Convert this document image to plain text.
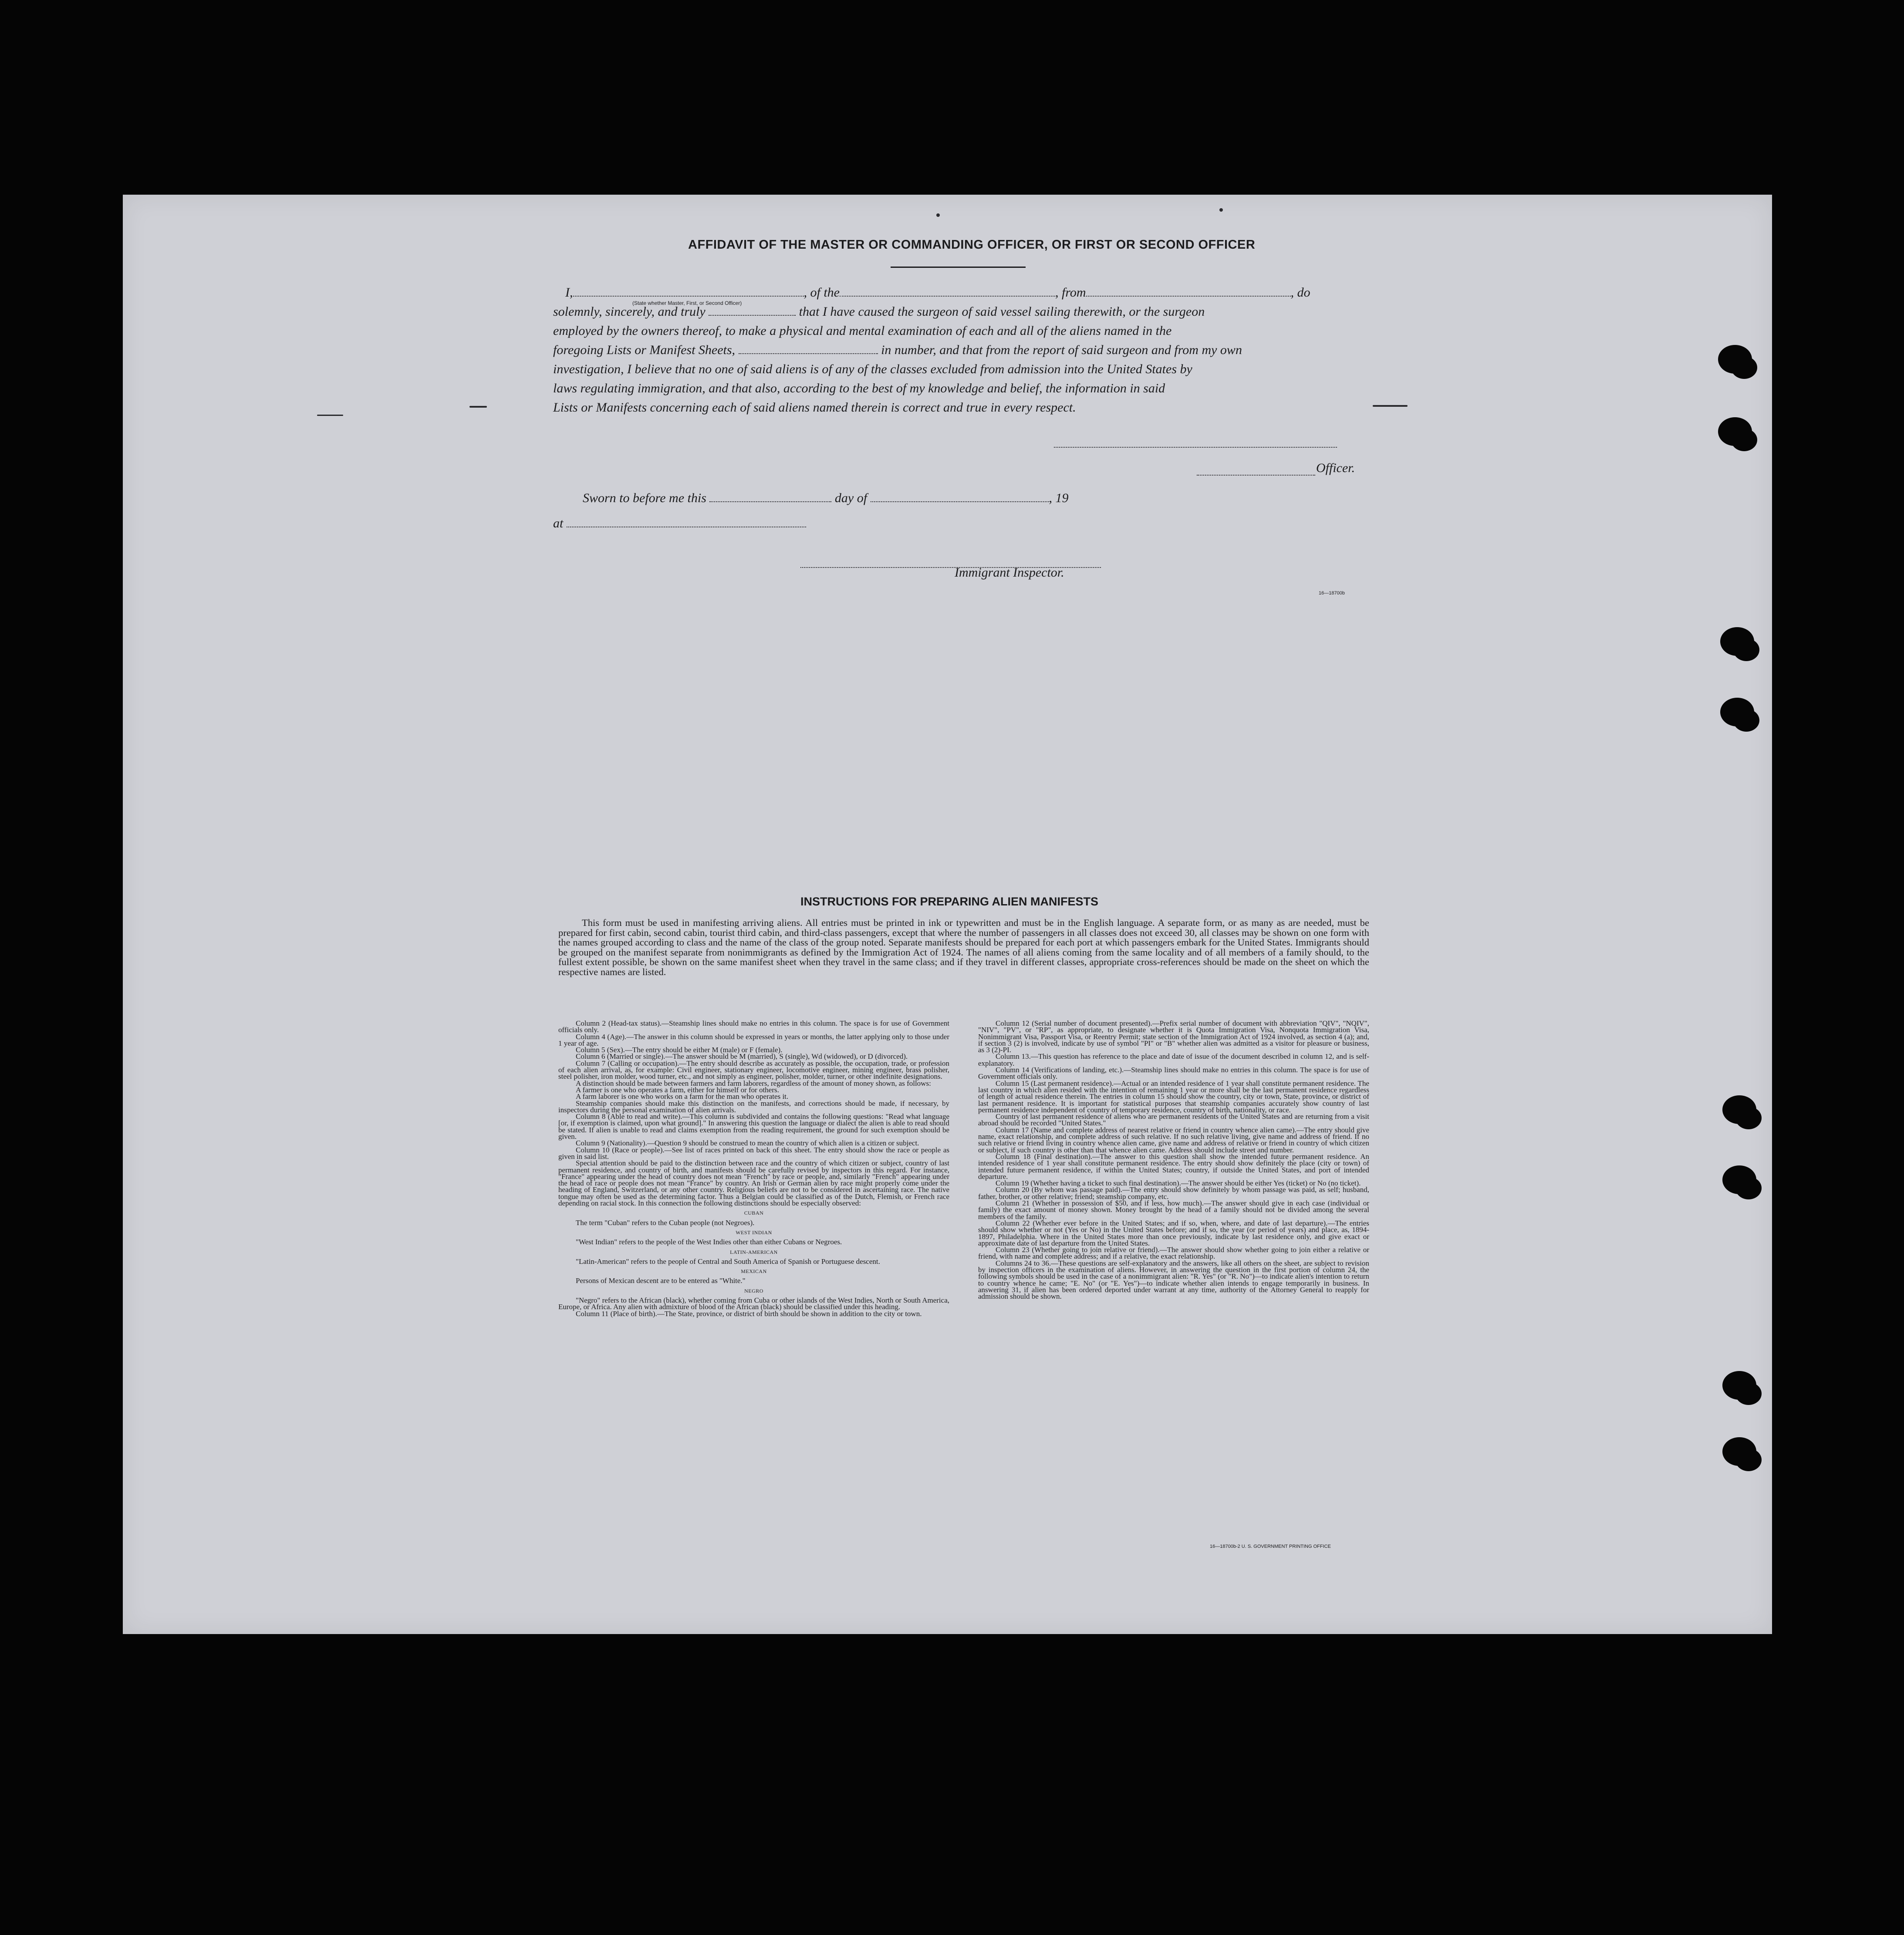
AFFIDAVIT OF THE MASTER OR COMMANDING OFFICER, OR FIRST OR SECOND OFFICER
I,	, of the	, from	, do
(State whether Master, First, or Second Officer)
solemnly, sincerely, and truly	that I have caused the surgeon of said vessel sailing therewith, or the surgeon
employed by the owners thereof, to make a physical and mental examination of each and all of the aliens named in the
foregoing Lists or Manifest Sheets,	in number, and that from the report of said surgeon and from my own
investigation, I believe that no one of said aliens is of any of the classes excluded from admission into the United States by
laws regulating immigration, and that also, according to the best of my knowledge and belief, the information in said
Lists or Manifests concerning each of said aliens named therein is correct and true in every respect.
Officer.
Sworn to before me this	day of	, 19
at
Immigrant Inspector.
16—18700b
INSTRUCTIONS FOR PREPARING ALIEN MANIFESTS

This form must be used in manifesting arriving aliens. All entries must be printed in ink or typewritten and must be in the English language. A separate form, or as many as are needed, must be prepared for first cabin, second cabin, tourist third cabin, and third-class passengers, except that where the number of passengers in all classes does not exceed 30, all classes may be shown on one form with the names grouped according to class and the name of the class of the group noted. Separate manifests should be prepared for each port at which passengers embark for the United States. Immigrants should be grouped on the manifest separate from nonimmigrants as defined by the Immigration Act of 1924. The names of all aliens coming from the same locality and of all members of a family should, to the fullest extent possible, be shown on the same manifest sheet when they travel in the same class; and if they travel in different classes, appropriate cross-references should be made on the sheet on which the respective names are listed.

Column 2 (Head-tax status).—Steamship lines should make no entries in this column. The space is for use of Government officials only.

Column 4 (Age).—The answer in this column should be expressed in years or months, the latter applying only to those under 1 year of age.

Column 5 (Sex).—The entry should be either M (male) or F (female).

Column 6 (Married or single).—The answer should be M (married), S (single), Wd (widowed), or D (divorced).

Column 7 (Calling or occupation).—The entry should describe as accurately as possible, the occupation, trade, or profession of each alien arrival, as, for example: Civil engineer, stationary engineer, locomotive engineer, mining engineer, brass polisher, steel polisher, iron molder, wood turner, etc., and not simply as engineer, polisher, molder, turner, or other indefinite designations.

A distinction should be made between farmers and farm laborers, regardless of the amount of money shown, as follows:

A farmer is one who operates a farm, either for himself or for others.

A farm laborer is one who works on a farm for the man who operates it.

Steamship companies should make this distinction on the manifests, and corrections should be made, if necessary, by inspectors during the personal examination of alien arrivals.

Column 8 (Able to read and write).—This column is subdivided and contains the following questions: "Read what language [or, if exemption is claimed, upon what ground]." In answering this question the language or dialect the alien is able to read should be stated. If alien is unable to read and claims exemption from the reading requirement, the ground for such exemption should be given.

Column 9 (Nationality).—Question 9 should be construed to mean the country of which alien is a citizen or subject.

Column 10 (Race or people).—See list of races printed on back of this sheet. The entry should show the race or people as given in said list.

Special attention should be paid to the distinction between race and the country of which citizen or subject, country of last permanent residence, and country of birth, and manifests should be carefully revised by inspectors in this regard. For instance, "France" appearing under the head of country does not mean "French" by race or people, and, similarly "French" appearing under the head of race or people does not mean "France" by country. An Irish or German alien by race might properly come under the heading of England, Switzerland, or any other country. Religious beliefs are not to be considered in ascertaining race. The native tongue may often be used as the determining factor. Thus a Belgian could be classified as of the Dutch, Flemish, or French race depending on racial stock. In this connection the following distinctions should be especially observed:

CUBAN

The term "Cuban" refers to the Cuban people (not Negroes).

WEST INDIAN

"West Indian" refers to the people of the West Indies other than either Cubans or Negroes.

LATIN-AMERICAN

"Latin-American" refers to the people of Central and South America of Spanish or Portuguese descent.

MEXICAN

Persons of Mexican descent are to be entered as "White."

NEGRO

"Negro" refers to the African (black), whether coming from Cuba or other islands of the West Indies, North or South America, Europe, or Africa. Any alien with admixture of blood of the African (black) should be classified under this heading.

Column 11 (Place of birth).—The State, province, or district of birth should be shown in addition to the city or town.

Column 12 (Serial number of document presented).—Prefix serial number of document with abbreviation "QIV", "NQIV", "NIV", "PV", or "RP", as appropriate, to designate whether it is Quota Immigration Visa, Nonquota Immigration Visa, Nonimmigrant Visa, Passport Visa, or Reentry Permit; state section of the Immigration Act of 1924 involved, as section 4 (a); and, if section 3 (2) is involved, indicate by use of symbol "PI" or "B" whether alien was admitted as a visitor for pleasure or business, as 3 (2)-PI.

Column 13.—This question has reference to the place and date of issue of the document described in column 12, and is self-explanatory.

Column 14 (Verifications of landing, etc.).—Steamship lines should make no entries in this column. The space is for use of Government officials only.

Column 15 (Last permanent residence).—Actual or an intended residence of 1 year shall constitute permanent residence. The last country in which alien resided with the intention of remaining 1 year or more shall be the last permanent residence regardless of length of actual residence therein. The entries in column 15 should show the country, city or town, State, province, or district of last permanent residence. It is important for statistical purposes that steamship companies accurately show country of last permanent residence independent of country of temporary residence, country of birth, nationality, or race.

Country of last permanent residence of aliens who are permanent residents of the United States and are returning from a visit abroad should be recorded "United States."

Column 17 (Name and complete address of nearest relative or friend in country whence alien came).—The entry should give name, exact relationship, and complete address of such relative. If no such relative living, give name and address of friend. If no such relative or friend living in country whence alien came, give name and address of relative or friend in country of which citizen or subject, if such country is other than that whence alien came. Address should include street and number.

Column 18 (Final destination).—The answer to this question shall show the intended future permanent residence. An intended residence of 1 year shall constitute permanent residence. The entry should show definitely the place (city or town) of intended future permanent residence, if within the United States; country, if outside the United States, and port of intended departure.

Column 19 (Whether having a ticket to such final destination).—The answer should be either Yes (ticket) or No (no ticket).

Column 20 (By whom was passage paid).—The entry should show definitely by whom passage was paid, as self; husband, father, brother, or other relative; friend; steamship company, etc.

Column 21 (Whether in possession of $50, and if less, how much).—The answer should give in each case (individual or family) the exact amount of money shown. Money brought by the head of a family should not be divided among the several members of the family.

Column 22 (Whether ever before in the United States; and if so, when, where, and date of last departure).—The entries should show whether or not (Yes or No) in the United States before; and if so, the year (or period of years) and place, as, 1894-1897, Philadelphia. Where in the United States more than once previously, indicate by last residence only, and give exact or approximate date of last departure from the United States.

Column 23 (Whether going to join relative or friend).—The answer should show whether going to join either a relative or friend, with name and complete address; and if a relative, the exact relationship.

Columns 24 to 36.—These questions are self-explanatory and the answers, like all others on the sheet, are subject to revision by inspection officers in the examination of aliens. However, in answering the question in the first portion of column 24, the following symbols should be used in the case of a nonimmigrant alien: "R. Yes" (or "R. No")—to indicate alien's intention to return to country whence he came; "E. No" (or "E. Yes")—to indicate whether alien intends to engage temporarily in business. In answering 31, if alien has been ordered deported under warrant at any time, authority of the Attorney General to reapply for admission should be shown.

16—18700b-2 U. S. GOVERNMENT PRINTING OFFICE
